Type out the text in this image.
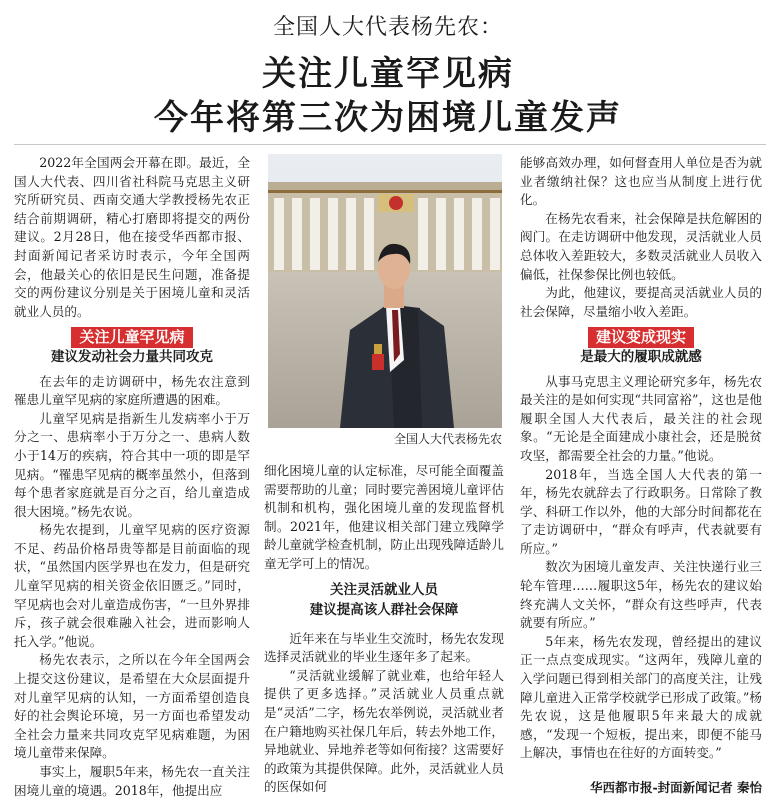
全国人大代表杨先农：
关注儿童罕见病
今年将第三次为困境儿童发声

2022年全国两会开幕在即。最近，全国人大代表、四川省社科院马克思主义研究所研究员、西南交通大学教授杨先农正结合前期调研，精心打磨即将提交的两份建议。2月28日，他在接受华西都市报、封面新闻记者采访时表示，今年全国两会，他最关心的依旧是民生问题，准备提交的两份建议分别是关于困境儿童和灵活就业人员的。

关注儿童罕见病
建议发动社会力量共同攻克

在去年的走访调研中，杨先农注意到罹患儿童罕见病的家庭所遭遇的困难。

儿童罕见病是指新生儿发病率小于万分之一、患病率小于万分之一、患病人数小于14万的疾病，符合其中一项的即是罕见病。“罹患罕见病的概率虽然小，但落到每个患者家庭就是百分之百，给儿童造成很大困境。”杨先农说。

杨先农提到，儿童罕见病的医疗资源不足、药品价格昂贵等都是目前面临的现状，“虽然国内医学界也在发力，但是研究儿童罕见病的相关资金依旧匮乏。”同时，罕见病也会对儿童造成伤害，“一旦外界排斥，孩子就会很难融入社会，进而影响人托入学。”他说。

杨先农表示，之所以在今年全国两会上提交这份建议，是希望在大众层面提升对儿童罕见病的认知，一方面希望创造良好的社会舆论环境，另一方面也希望发动全社会力量来共同攻克罕见病难题，为困境儿童带来保障。

事实上，履职5年来，杨先农一直关注困境儿童的境遇。2018年，他提出应

全国人大代表杨先农

细化困境儿童的认定标准，尽可能全面覆盖需要帮助的儿童；同时要完善困境儿童评估机制和机构，强化困境儿童的发现监督机制。2021年，他建议相关部门建立残障学龄儿童就学检查机制，防止出现残障适龄儿童无学可上的情况。

关注灵活就业人员
建议提高该人群社会保障

近年来在与毕业生交流时，杨先农发现选择灵活就业的毕业生逐年多了起来。

“灵活就业缓解了就业难，也给年轻人提供了更多选择。”灵活就业人员重点就是“灵活”二字，杨先农举例说，灵活就业者在户籍地购买社保几年后，转去外地工作，异地就业、异地养老等如何衔接？这需要好的政策为其提供保障。此外，灵活就业人员的医保如何

能够高效办理，如何督查用人单位是否为就业者缴纳社保？这也应当从制度上进行优化。

在杨先农看来，社会保障是扶危解困的阀门。在走访调研中他发现，灵活就业人员总体收入差距较大，多数灵活就业人员收入偏低，社保参保比例也较低。

为此，他建议，要提高灵活就业人员的社会保障，尽量缩小收入差距。

建议变成现实
是最大的履职成就感

从事马克思主义理论研究多年，杨先农最关注的是如何实现“共同富裕”，这也是他履职全国人大代表后，最关注的社会现象。“无论是全面建成小康社会，还是脱贫攻坚，都需要全社会的力量。”他说。

2018年，当选全国人大代表的第一年，杨先农就辞去了行政职务。日常除了教学、科研工作以外，他的大部分时间都花在了走访调研中，“群众有呼声，代表就要有所应。”

数次为困境儿童发声、关注快递行业三轮车管理……履职这5年，杨先农的建议始终充满人文关怀，“群众有这些呼声，代表就要有所应。”

5年来，杨先农发现，曾经提出的建议正一点点变成现实。“这两年，残障儿童的入学问题已得到相关部门的高度关注，让残障儿童进入正常学校就学已形成了政策。”杨先农说，这是他履职5年来最大的成就感，“发现一个短板，提出来，即便不能马上解决，事情也在往好的方面转变。”

华西都市报-封面新闻记者 秦怡
